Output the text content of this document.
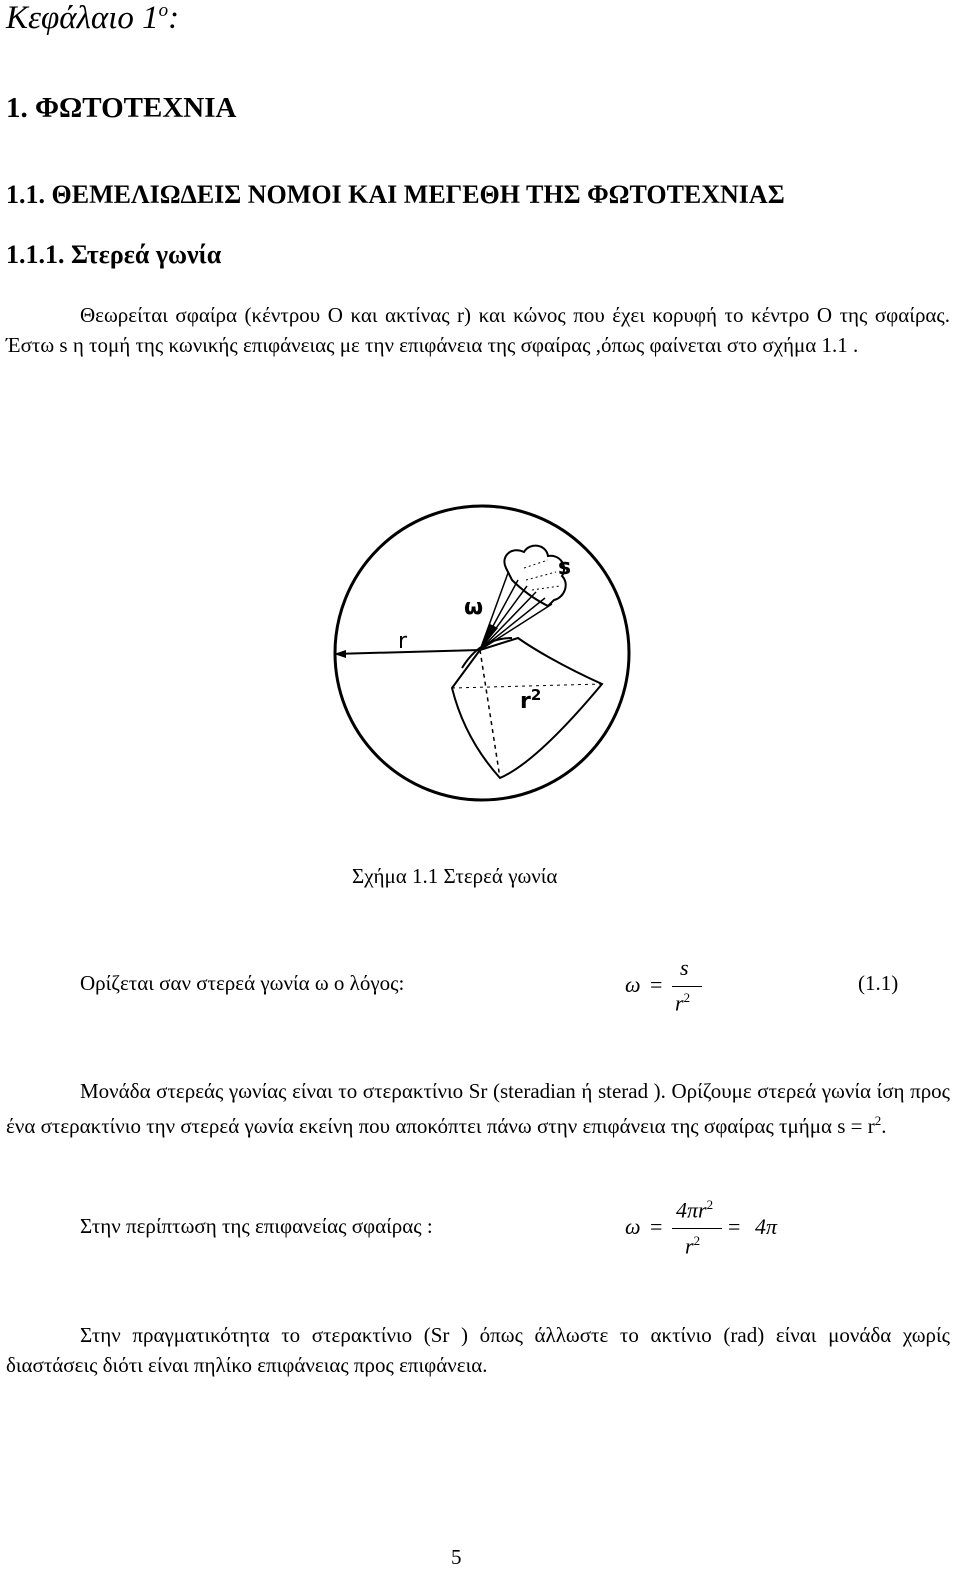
Κεφάλαιο $1^o$:
1. ΦΩΤΟΤΕΧΝΙΑ
1.1. ΘΕΜΕΛΙΩΔΕΙΣ ΝΟΜΟΙ ΚΑΙ ΜΕΓΕΘΗ ΤΗΣ ΦΩΤΟΤΕΧΝΙΑΣ
1.1.1. Στερεά γωνία
Θεωρείται σφαίρα (κέντρου Ο και ακτίνας r) και κώνος που έχει κορυφή το κέντρο Ο της σφαίρας. Έστω s η τομή της κωνικής επιφάνειας με την επιφάνεια της σφαίρας ,όπως φαίνεται στο σχήμα 1.1 .
s
ω
r
$r^2$
Σχήμα 1.1 Στερεά γωνία
Ορίζεται σαν στερεά γωνία ω ο λόγος:	ω =
s
$r^2$
(1.1)
Μονάδα στερεάς γωνίας είναι το στερακτίνιο Sr (steradian ή sterad ). Ορίζουμε στερεά γωνία ίση προς ένα στερακτίνιο την στερεά γωνία εκείνη που αποκόπτει πάνω στην επιφάνεια της σφαίρας τμήμα $s = r^2$.
Στην περίπτωση της επιφανείας σφαίρας :	ω =
$4\pi r^2$
$r^2$
= 4π
Στην πραγματικότητα το στερακτίνιο (Sr ) όπως άλλωστε το ακτίνιο (rad) είναι μονάδα χωρίς διαστάσεις διότι είναι πηλίκο επιφάνειας προς επιφάνεια.
5
